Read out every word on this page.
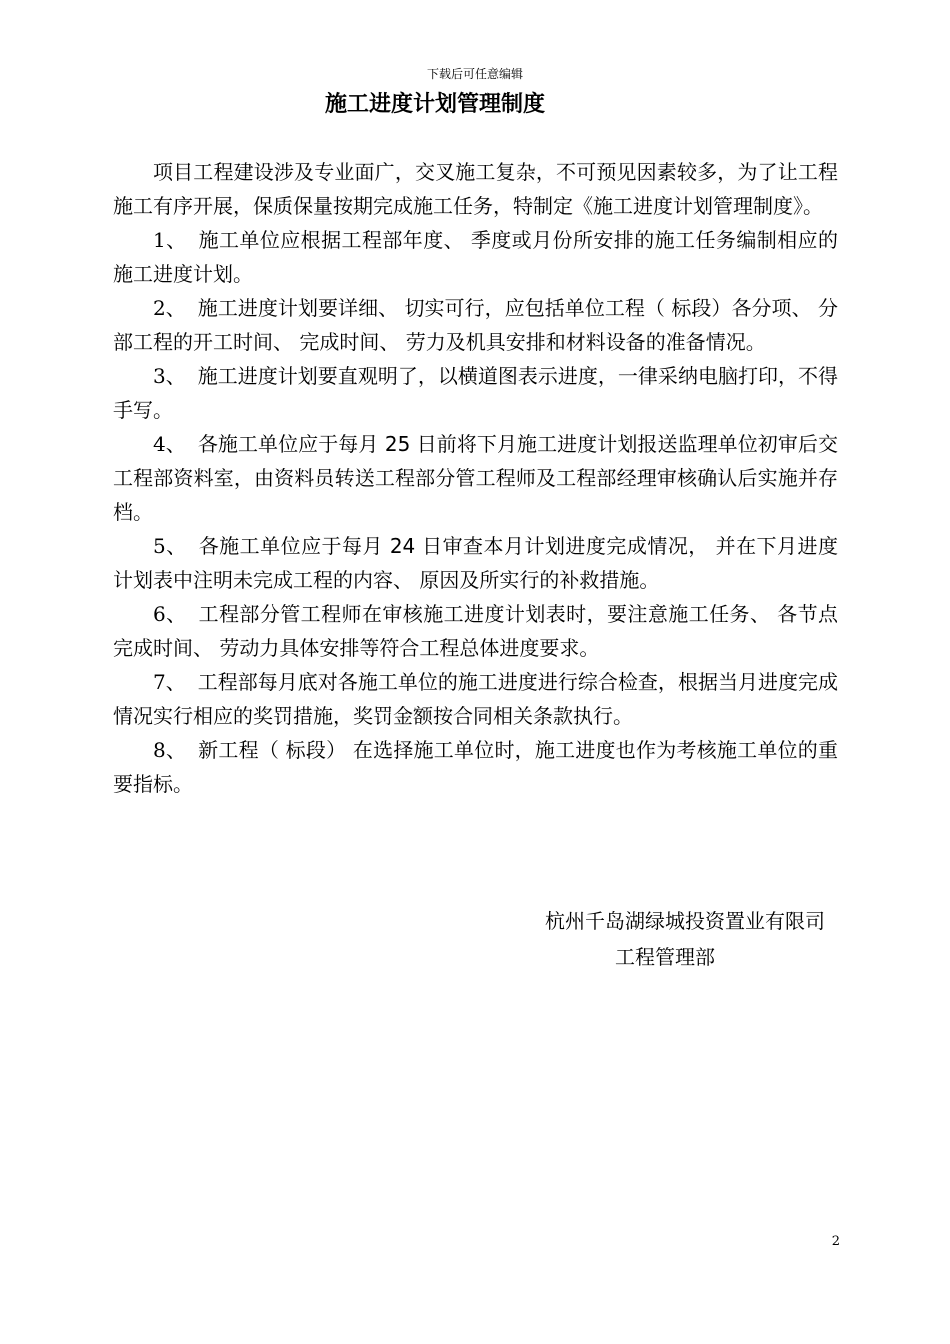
下载后可任意编辑
施工进度计划管理制度

项目工程建设涉及专业面广，交叉施工复杂，不可预见因素较多，为了让工程施工有序开展，保质保量按期完成施工任务，特制定《施工进度计划管理制度》。

1、 施工单位应根据工程部年度、 季度或月份所安排的施工任务编制相应的施工进度计划。

2、 施工进度计划要详细、 切实可行，应包括单位工程（ 标段）各分项、 分部工程的开工时间、 完成时间、 劳力及机具安排和材料设备的准备情况。

3、 施工进度计划要直观明了，以横道图表示进度，一律采纳电脑打印，不得手写。

4、 各施工单位应于每月 25 日前将下月施工进度计划报送监理单位初审后交工程部资料室，由资料员转送工程部分管工程师及工程部经理审核确认后实施并存档。

5、 各施工单位应于每月 24 日审查本月计划进度完成情况， 并在下月进度计划表中注明未完成工程的内容、 原因及所实行的补救措施。

6、 工程部分管工程师在审核施工进度计划表时，要注意施工任务、 各节点完成时间、 劳动力具体安排等符合工程总体进度要求。

7、 工程部每月底对各施工单位的施工进度进行综合检查，根据当月进度完成情况实行相应的奖罚措施，奖罚金额按合同相关条款执行。

8、 新工程（ 标段） 在选择施工单位时，施工进度也作为考核施工单位的重要指标。

杭州千岛湖绿城投资置业有限司

工程管理部

2
